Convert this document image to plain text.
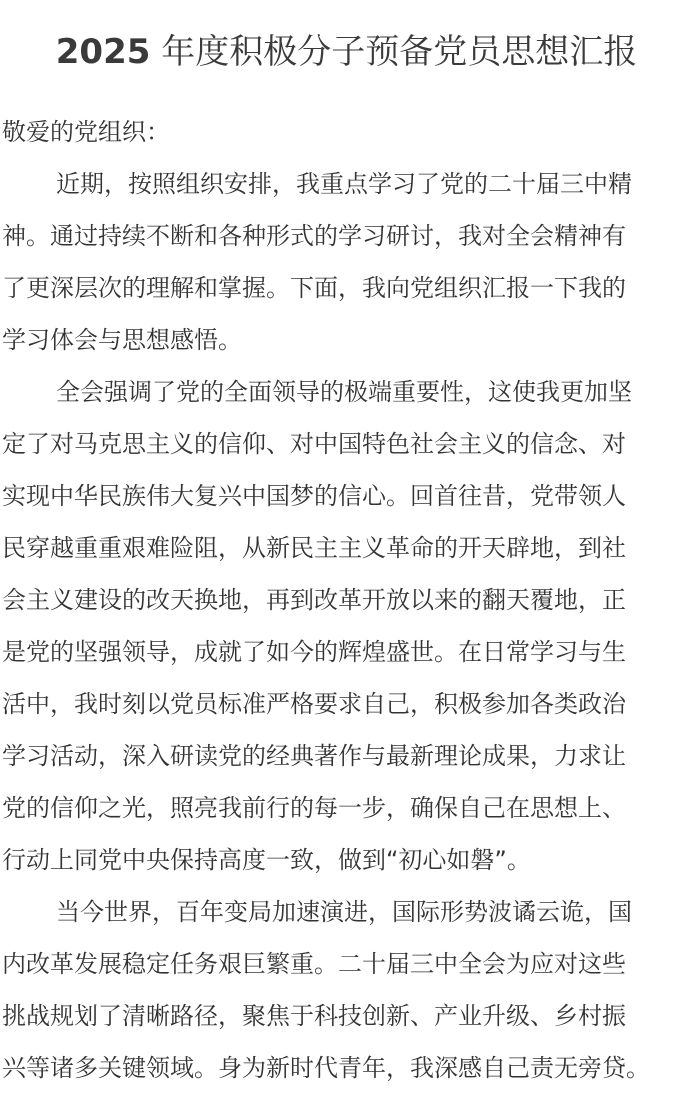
2025 年度积极分子预备党员思想汇报
敬爱的党组织：
近期，按照组织安排，我重点学习了党的二十届三中精
神。通过持续不断和各种形式的学习研讨，我对全会精神有
了更深层次的理解和掌握。下面，我向党组织汇报一下我的
学习体会与思想感悟。
全会强调了党的全面领导的极端重要性，这使我更加坚
定了对马克思主义的信仰、对中国特色社会主义的信念、对
实现中华民族伟大复兴中国梦的信心。回首往昔，党带领人
民穿越重重艰难险阻，从新民主主义革命的开天辟地，到社
会主义建设的改天换地，再到改革开放以来的翻天覆地，正
是党的坚强领导，成就了如今的辉煌盛世。在日常学习与生
活中，我时刻以党员标准严格要求自己，积极参加各类政治
学习活动，深入研读党的经典著作与最新理论成果，力求让
党的信仰之光，照亮我前行的每一步，确保自己在思想上、
行动上同党中央保持高度一致，做到“初心如磐”。
当今世界，百年变局加速演进，国际形势波谲云诡，国
内改革发展稳定任务艰巨繁重。二十届三中全会为应对这些
挑战规划了清晰路径，聚焦于科技创新、产业升级、乡村振
兴等诸多关键领域。身为新时代青年，我深感自己责无旁贷。
